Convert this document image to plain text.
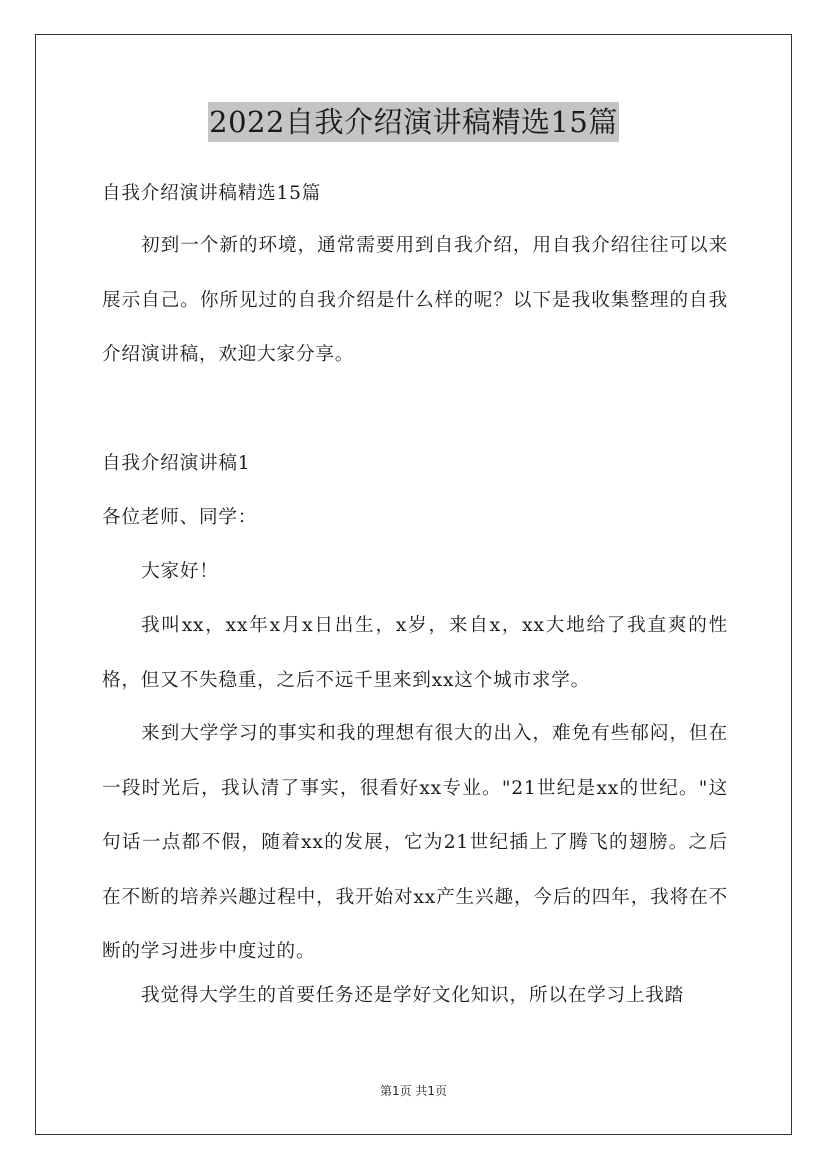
2022自我介绍演讲稿精选15篇

自我介绍演讲稿精选15篇

初到一个新的环境，通常需要用到自我介绍，用自我介绍往往可以来展示自己。你所见过的自我介绍是什么样的呢？以下是我收集整理的自我介绍演讲稿，欢迎大家分享。

自我介绍演讲稿1

各位老师、同学：

大家好！

我叫xx，xx年x月x日出生，x岁，来自x，xx大地给了我直爽的性格，但又不失稳重，之后不远千里来到xx这个城市求学。

来到大学学习的事实和我的理想有很大的出入，难免有些郁闷，但在一段时光后，我认清了事实，很看好xx专业。"21世纪是xx的世纪。"这句话一点都不假，随着xx的发展，它为21世纪插上了腾飞的翅膀。之后在不断的培养兴趣过程中，我开始对xx产生兴趣，今后的四年，我将在不断的学习进步中度过的。

我觉得大学生的首要任务还是学好文化知识，所以在学习上我踏

第1页 共1页
